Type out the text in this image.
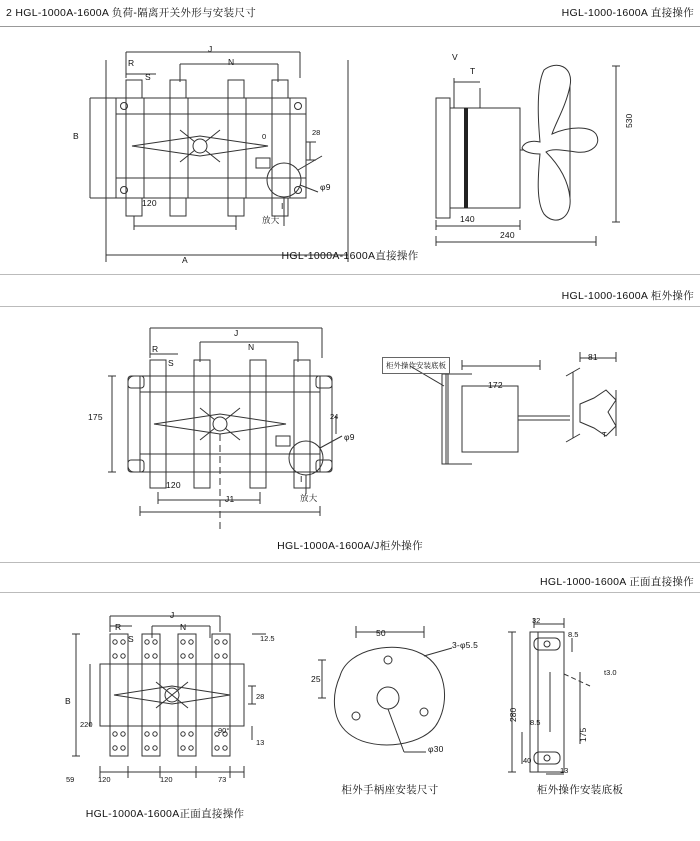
2 HGL-1000A-1600A 负荷-隔离开关外形与安装尺寸	HGL-1000-1600A 直接操作
J
N
R
S
B
A
120
28
I
φ9
放大
0
V
T
530
140
240
HGL-1000A-1600A直接操作
HGL-1000-1600A 柜外操作
J
N
R
S
175
J1
120
24
φ9
放大
I
柜外操作安装底板
172
81
T
HGL-1000A-1600A/J柜外操作
HGL-1000-1600A 正面直接操作
J
N
R
S
B
220
12.5
28
13
90°
59	120	120	73
HGL-1000A-1600A正面直接操作
50
25
3-φ5.5
φ30
柜外手柄座安装尺寸
32
8.5
t3.0
280
175
8.5
40
13
柜外操作安装底板
